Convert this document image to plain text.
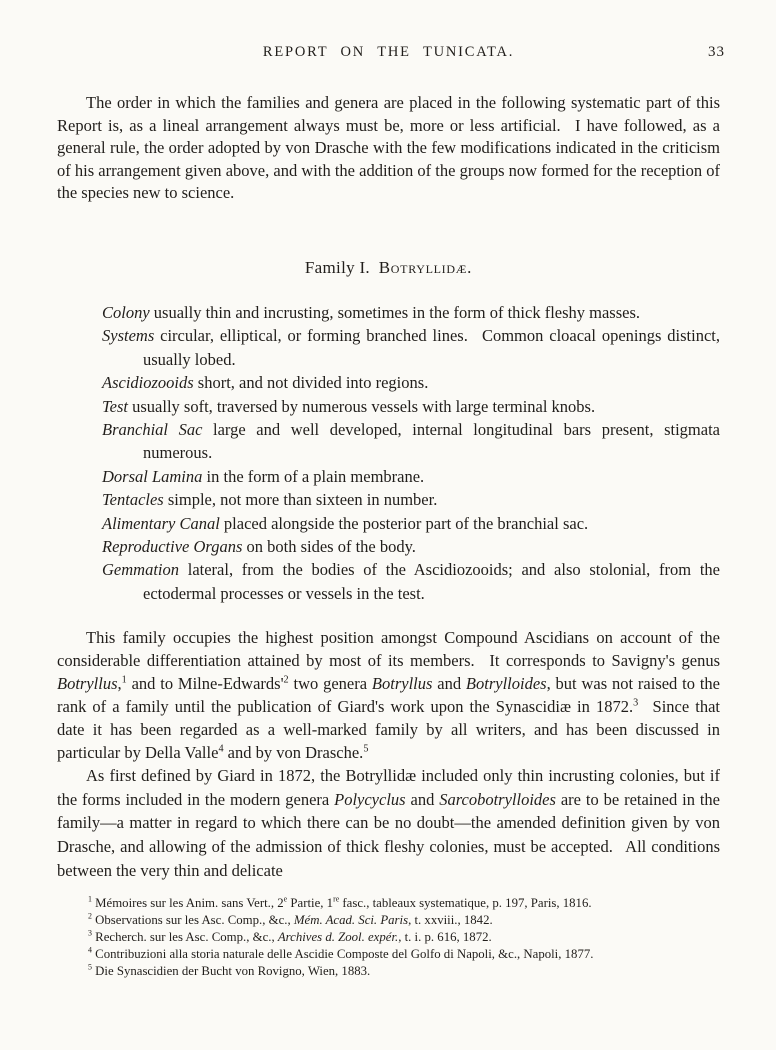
REPORT ON THE TUNICATA.	33

The order in which the families and genera are placed in the following systematic part of this Report is, as a lineal arrangement always must be, more or less artificial.  I have followed, as a general rule, the order adopted by von Drasche with the few modifications indicated in the criticism of his arrangement given above, and with the addition of the groups now formed for the reception of the species new to science.

Family I. Botryllidæ.

Colony usually thin and incrusting, sometimes in the form of thick fleshy masses.

Systems circular, elliptical, or forming branched lines.  Common cloacal openings distinct, usually lobed.

Ascidiozooids short, and not divided into regions.

Test usually soft, traversed by numerous vessels with large terminal knobs.

Branchial Sac large and well developed, internal longitudinal bars present, stigmata numerous.

Dorsal Lamina in the form of a plain membrane.

Tentacles simple, not more than sixteen in number.

Alimentary Canal placed alongside the posterior part of the branchial sac.

Reproductive Organs on both sides of the body.

Gemmation lateral, from the bodies of the Ascidiozooids; and also stolonial, from the ectodermal processes or vessels in the test.

This family occupies the highest position amongst Compound Ascidians on account of the considerable differentiation attained by most of its members.  It corresponds to Savigny's genus Botryllus,$^1$ and to Milne-$Edwards'^2$ two genera Botryllus and Botrylloides, but was not raised to the rank of a family until the publication of Giard's work upon the Synascidiæ in 1872.$^3$  Since that date it has been regarded as a well-marked family by all writers, and has been discussed in particular by Della Valle$^4$ and by von Drasche.$^5$

As first defined by Giard in 1872, the Botryllidæ included only thin incrusting colonies, but if the forms included in the modern genera Polycyclus and Sarcobotrylloides are to be retained in the family—a matter in regard to which there can be no doubt—the amended definition given by von Drasche, and allowing of the admission of thick fleshy colonies, must be accepted.  All conditions between the very thin and delicate

$^1$ Mémoires sur les Anim. sans Vert., 2e Partie, 1re fasc., tableaux systematique, p. 197, Paris, 1816.

$^2$ Observations sur les Asc. Comp., &c., Mém. Acad. Sci. Paris, t. xxviii., 1842.

$^3$ Recherch. sur les Asc. Comp., &c., Archives d. Zool. expér., t. i. p. 616, 1872.

$^4$ Contribuzioni alla storia naturale delle Ascidie Composte del Golfo di Napoli, &c., Napoli, 1877.

$^5$ Die Synascidien der Bucht von Rovigno, Wien, 1883.
